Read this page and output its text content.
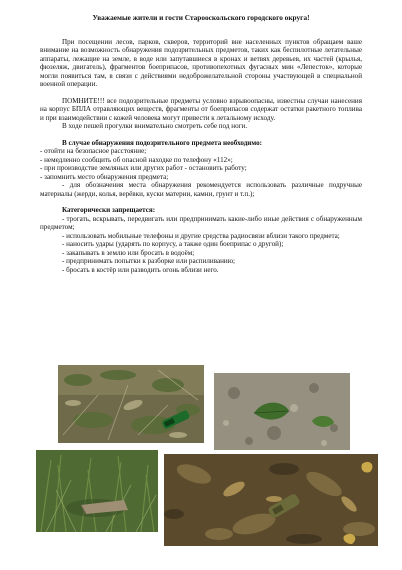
Уважаемые жители и гости Старооскольского городского округа!

При посещении лесов, парков, скверов, территорий вне населенных пунктов обращаем ваше внимание на возможность обнаружения подозрительных предметов, таких как беспилотные летательные аппараты, лежащие на земле, в воде или запутавшиеся в кронах и ветвях деревьев, их частей (крылья, фюзеляж, двигатель), фрагментов боеприпасов, противопехотных фугасных мин «Лепесток», которые могли появиться там, в связи с действиями недоброжелательной стороны участвующей в специальной военной операции.

ПОМНИТЕ!!! все подозрительные предметы условно взрывоопасны, известны случаи нанесения на корпус БПЛА отравляющих веществ, фрагменты от боеприпасов содержат остатки ракетного топлива и при взаимодействии с кожей человека могут привести к летальному исходу.

В ходе пешей прогулки внимательно смотреть себе под ноги.

В случае обнаружения подозрительного предмета необходимо:

- отойти на безопасное расстояние;

- немедленно сообщить об опасной находке по телефону «112»;

- при производстве земляных или других работ - остановить работу;

- запомнить место обнаружения предмета;

- для обозначения места обнаружения рекомендуется использовать различные подручные материалы (жерди, колья, верёвки, куски материи, камни, грунт и т.п.);

Категорически запрещается:

- трогать, вскрывать, передвигать или предпринимать какие-либо иные действия с обнаруженным предметом;

- использовать мобильные телефоны и другие средства радиосвязи вблизи такого предмета;

- наносить удары (ударять по корпусу, а также один боеприпас о другой);

- закапывать в землю или бросать в водоём;

- предпринимать попытки к разборке или распиливанию;

- бросать в костёр или разводить огонь вблизи него.
